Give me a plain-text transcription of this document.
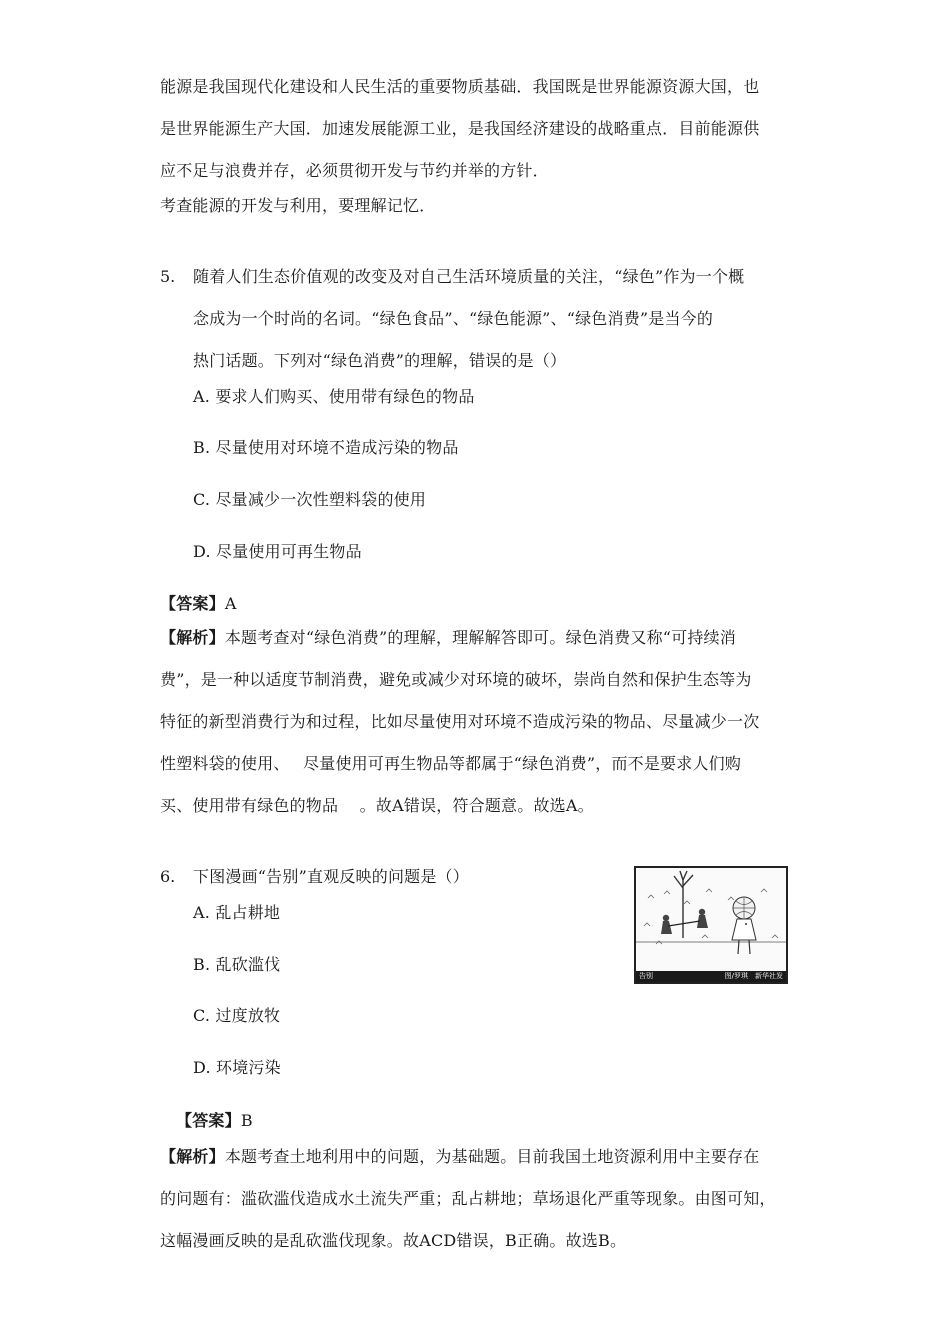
能源是我国现代化建设和人民生活的重要物质基础．我国既是世界能源资源大国，也
是世界能源生产大国．加速发展能源工业，是我国经济建设的战略重点．目前能源供
应不足与浪费并存，必须贯彻开发与节约并举的方针．
考查能源的开发与利用，要理解记忆．
5. 随着人们生态价值观的改变及对自己生活环境质量的关注，“绿色”作为一个概
念成为一个时尚的名词。“绿色食品”、“绿色能源”、“绿色消费”是当今的
热门话题。下列对“绿色消费”的理解，错误的是（）
A. 要求人们购买、使用带有绿色的物品
B. 尽量使用对环境不造成污染的物品
C. 尽量减少一次性塑料袋的使用
D. 尽量使用可再生物品
【答案】A
【解析】本题考查对“绿色消费”的理解，理解解答即可。绿色消费又称“可持续消
费”，是一种以适度节制消费，避免或减少对环境的破坏，崇尚自然和保护生态等为
特征的新型消费行为和过程，比如尽量使用对环境不造成污染的物品、尽量减少一次
性塑料袋的使用、　 尽量使用可再生物品等都属于“绿色消费”，而不是要求人们购
买、使用带有绿色的物品　 。故A错误，符合题意。故选A。
6. 下图漫画“告别”直观反映的问题是（）
A. 乱占耕地
B. 乱砍滥伐
C. 过度放牧
D. 环境污染
告别	图/罗琪　新华社发
【答案】B
【解析】本题考查土地利用中的问题，为基础题。目前我国土地资源利用中主要存在
的问题有：滥砍滥伐造成水土流失严重；乱占耕地；草场退化严重等现象。由图可知，
这幅漫画反映的是乱砍滥伐现象。故ACD错误，B正确。故选B。
